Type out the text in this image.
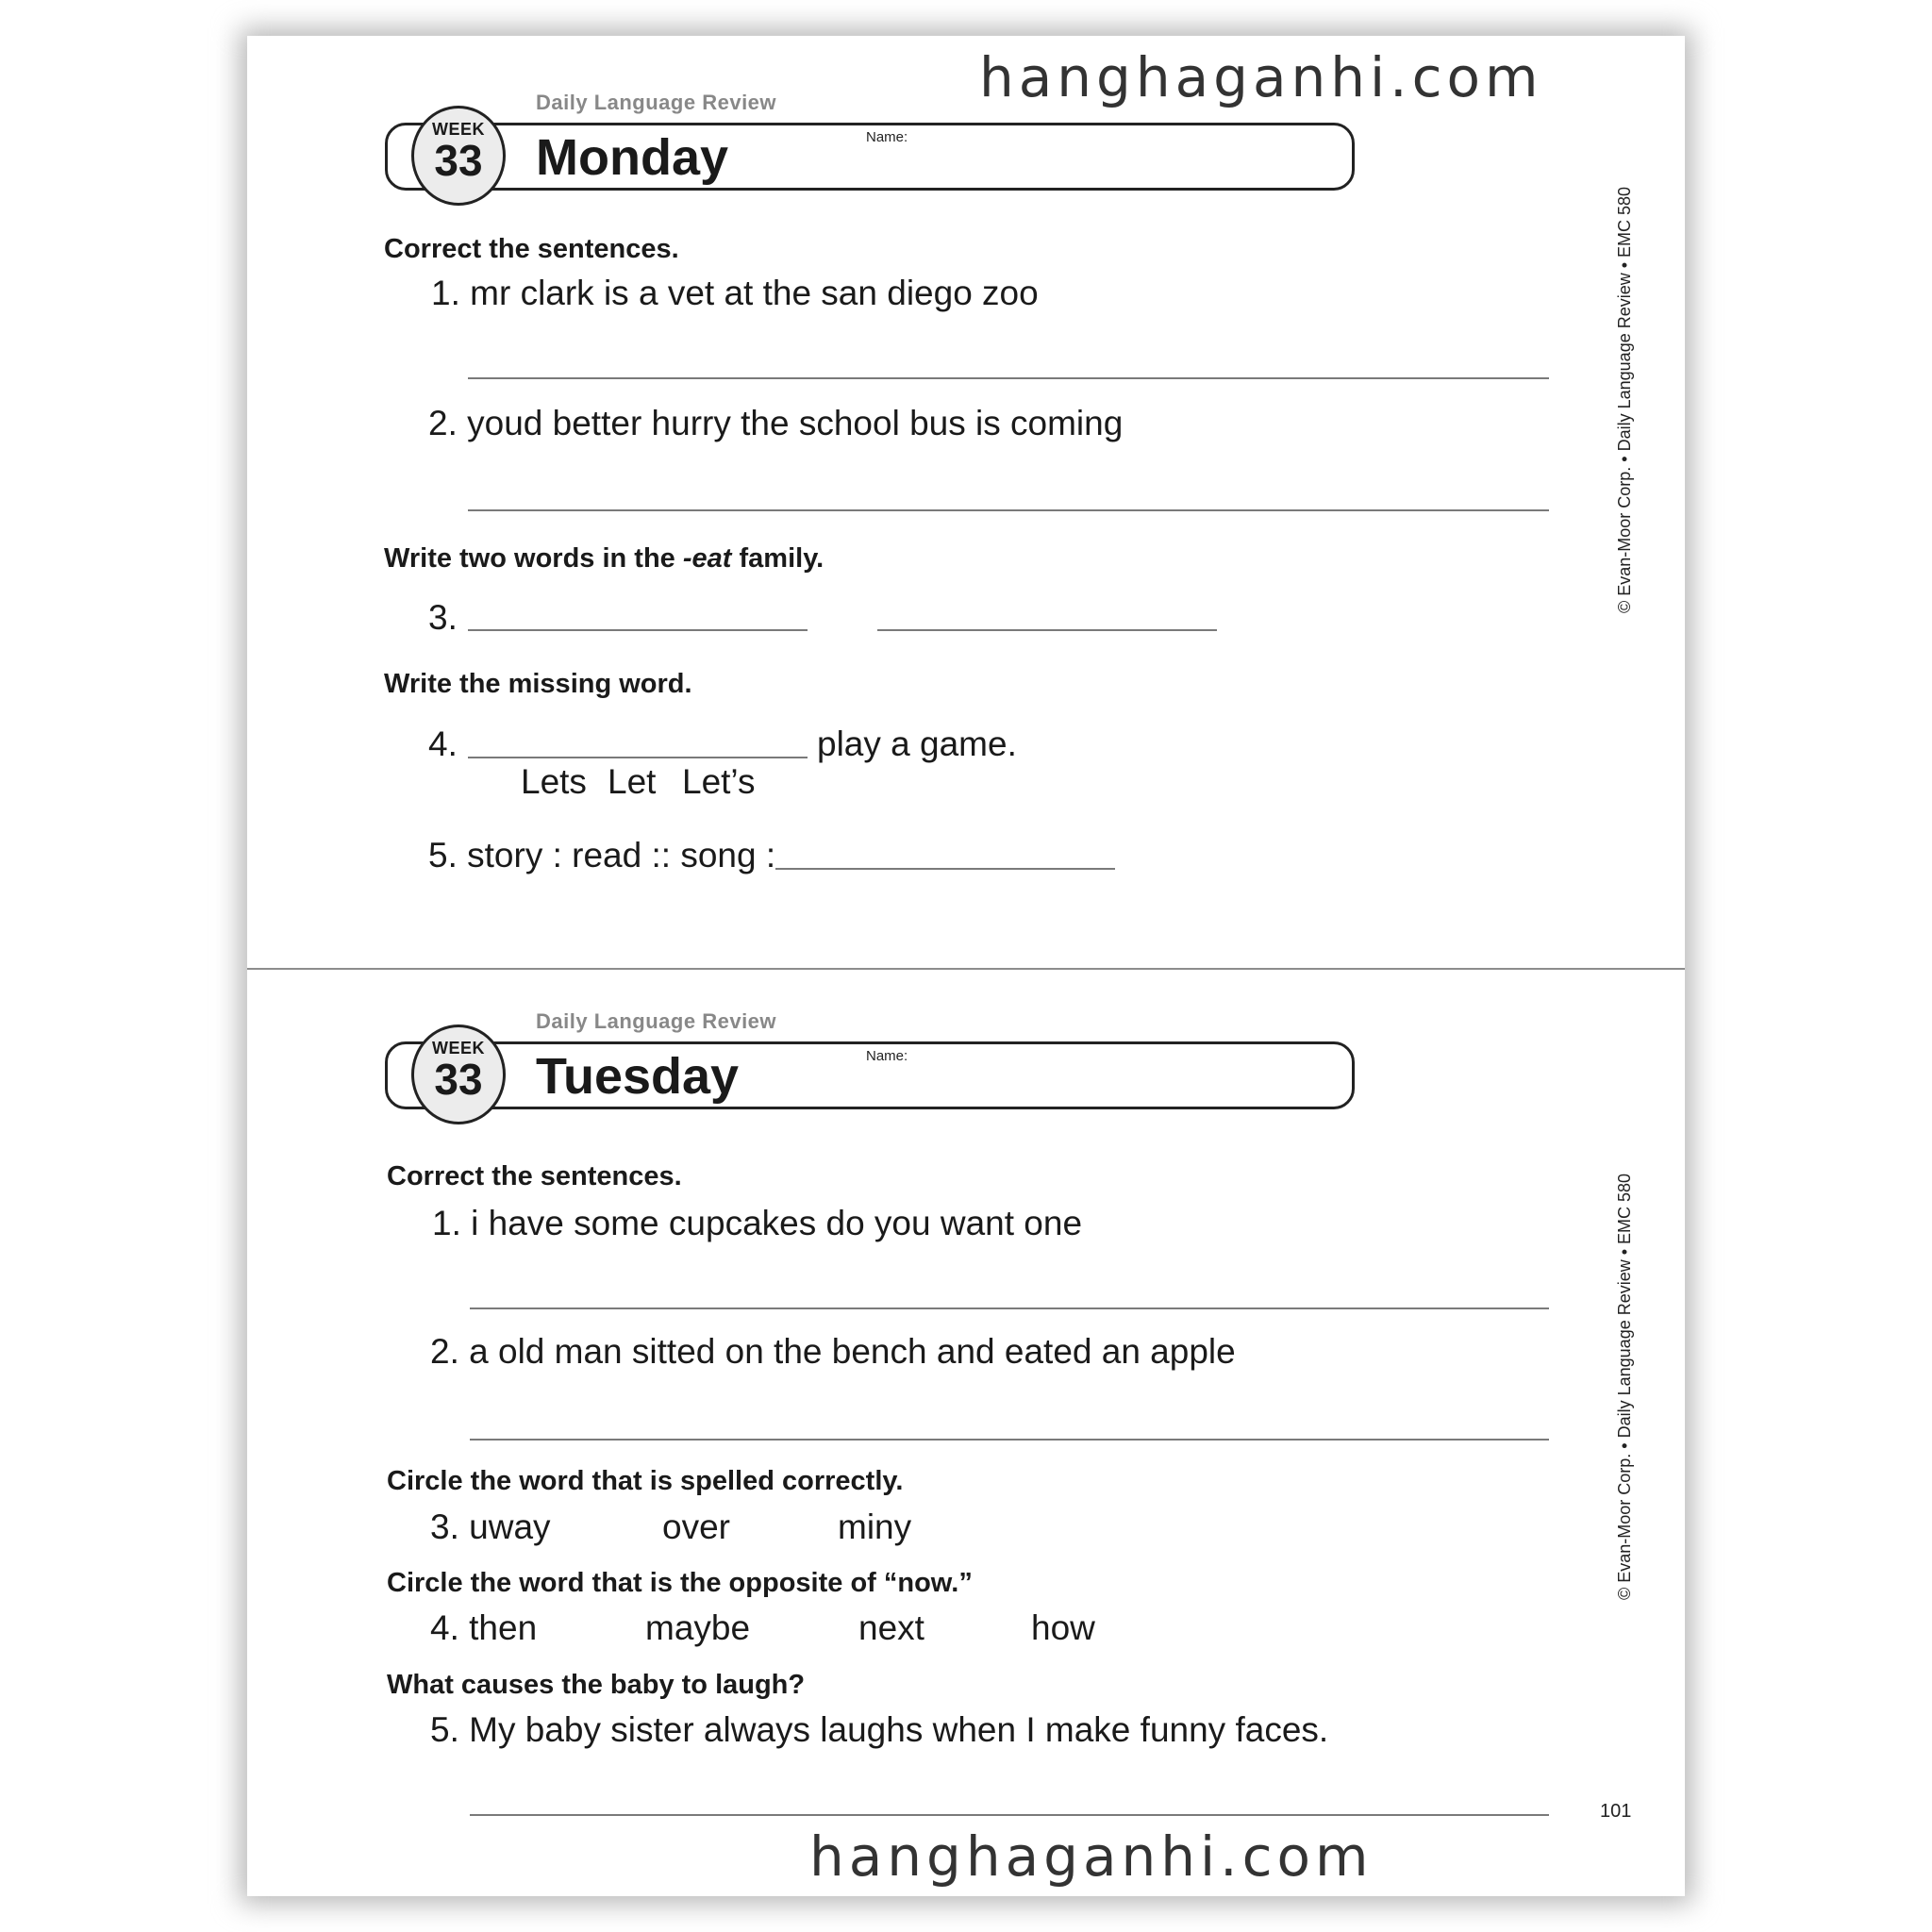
Daily Language Review
WEEK
33	Monday	Name:
Correct the sentences.
1. mr clark is a vet at the san diego zoo
2. youd better hurry the school bus is coming
Write two words in the -eat family.
3.
Write the missing word.
4.	play a game.
Lets Let Let’s
5. story : read :: song :
© Evan-Moor Corp. • Daily Language Review • EMC 580
Daily Language Review
WEEK
33	Tuesday	Name:
Correct the sentences.
1. i have some cupcakes do you want one
2. a old man sitted on the bench and eated an apple
Circle the word that is spelled correctly.
3. uway	over	miny
Circle the word that is the opposite of “now.”
4. then	maybe	next	how
What causes the baby to laugh?
5. My baby sister always laughs when I make funny faces.
© Evan-Moor Corp. • Daily Language Review • EMC 580
101
hanghaganhi.com
hanghaganhi.com
